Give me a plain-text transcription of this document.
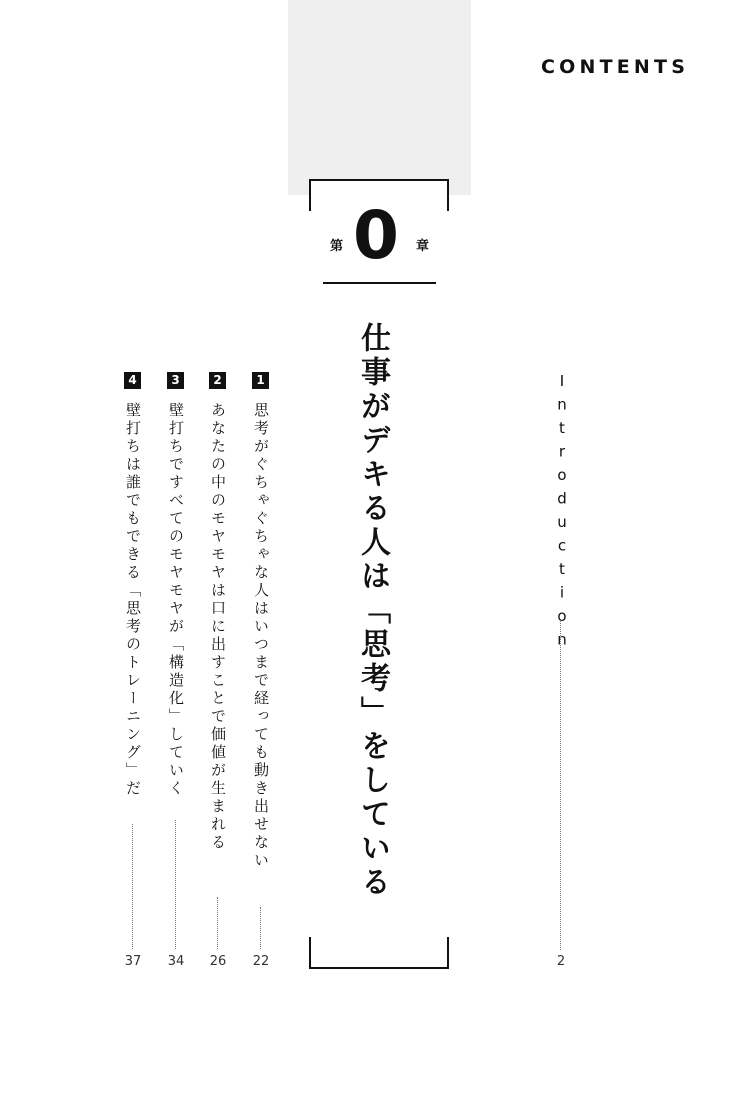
CONTENTS
第 0 章
仕事がデキる人は「思考」をしている	Introduction
2
1
思考がぐちゃぐちゃな人はいつまで経っても動き出せない
22
2
あなたの中のモヤモヤは口に出すことで価値が生まれる
26
3
壁打ちですべてのモヤモヤが「構造化」していく
34
4
壁打ちは誰でもできる「思考のトレーニング」だ
37
